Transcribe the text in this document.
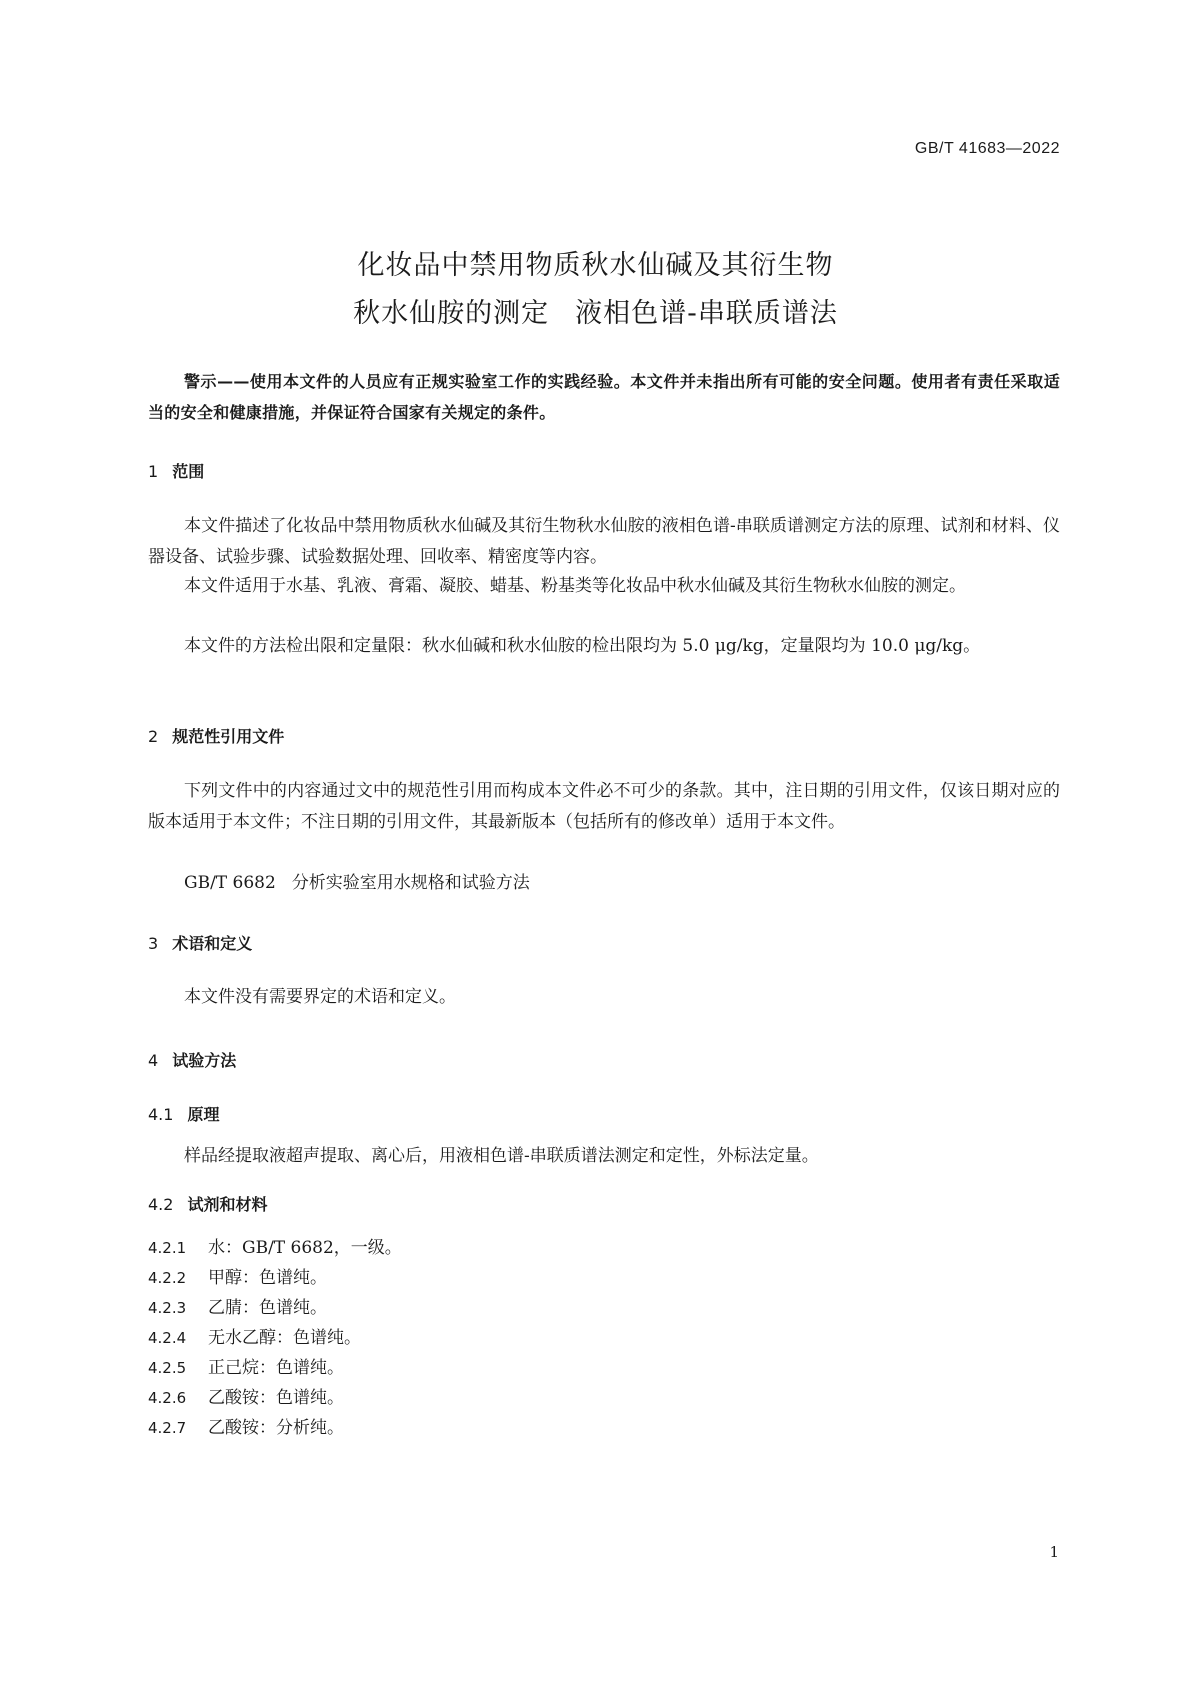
GB/T 41683—2022
化妆品中禁用物质秋水仙碱及其衍生物
秋水仙胺的测定 液相色谱-串联质谱法
警示——使用本文件的人员应有正规实验室工作的实践经验。本文件并未指出所有可能的安全问题。使用者有责任采取适当的安全和健康措施，并保证符合国家有关规定的条件。
1 范围
本文件描述了化妆品中禁用物质秋水仙碱及其衍生物秋水仙胺的液相色谱-串联质谱测定方法的原理、试剂和材料、仪器设备、试验步骤、试验数据处理、回收率、精密度等内容。
本文件适用于水基、乳液、膏霜、凝胶、蜡基、粉基类等化妆品中秋水仙碱及其衍生物秋水仙胺的测定。
本文件的方法检出限和定量限：秋水仙碱和秋水仙胺的检出限均为 5.0 μg/kg，定量限均为 10.0 μg/kg。
2 规范性引用文件
下列文件中的内容通过文中的规范性引用而构成本文件必不可少的条款。其中，注日期的引用文件，仅该日期对应的版本适用于本文件；不注日期的引用文件，其最新版本（包括所有的修改单）适用于本文件。
GB/T 6682 分析实验室用水规格和试验方法
3 术语和定义
本文件没有需要界定的术语和定义。
4 试验方法
4.1 原理
样品经提取液超声提取、离心后，用液相色谱-串联质谱法测定和定性，外标法定量。
4.2 试剂和材料
4.2.1 水：GB/T 6682，一级。
4.2.2 甲醇：色谱纯。
4.2.3 乙腈：色谱纯。
4.2.4 无水乙醇：色谱纯。
4.2.5 正己烷：色谱纯。
4.2.6 乙酸铵：色谱纯。
4.2.7 乙酸铵：分析纯。
1
